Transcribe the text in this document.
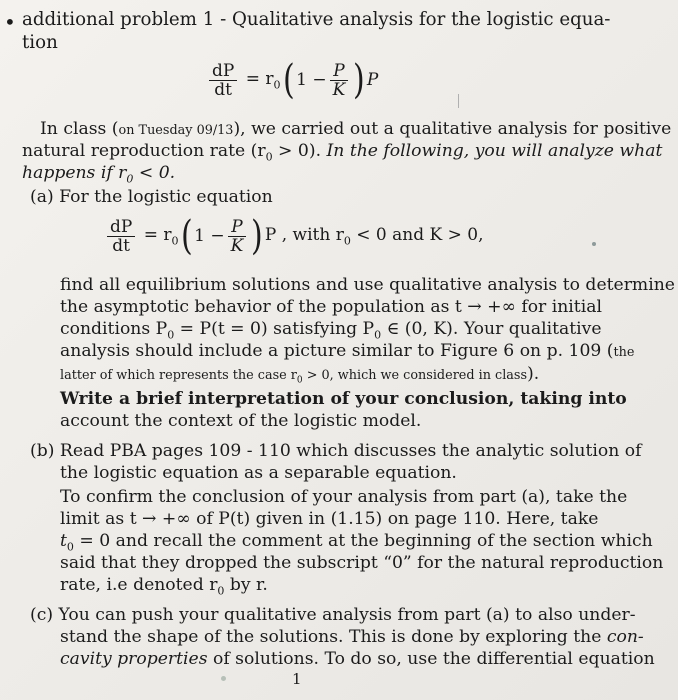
• additional problem 1 - Qualitative analysis for the logistic equa-
tion
$\frac{dP}{dt} = r_0$ ( $1 - \frac{P}{K}$ ) P
In class (on Tuesday 09/13), we carried out a qualitative analysis for positive
natural reproduction rate $(r_0 > 0)$. In the following, you will analyze what
happens if $r_0 < 0$.
(a) For the logistic equation
$\frac{dP}{dt} = r_0$ ( $1 - \frac{P}{K}$ ) P , with $r_0 < 0$ and K > 0,
find all equilibrium solutions and use qualitative analysis to determine
the asymptotic behavior of the population as t → +∞ for initial
conditions $P_0 = P(t = 0)$ satisfying $P_0$ ∈ (0, K). Your qualitative
analysis should include a picture similar to Figure 6 on p. 109 (the
latter of which represents the case $r_0 > 0$, which we considered in class).
Write a brief interpretation of your conclusion, taking into
account the context of the logistic model.
(b) Read PBA pages 109 - 110 which discusses the analytic solution of
the logistic equation as a separable equation.
To confirm the conclusion of your analysis from part (a), take the
limit as t → +∞ of P(t) given in (1.15) on page 110. Here, take
$t_0 = 0$ and recall the comment at the beginning of the section which
said that they dropped the subscript “0” for the natural reproduction
rate, i.e denoted $r_0$ by r.
(c) You can push your qualitative analysis from part (a) to also under-
stand the shape of the solutions. This is done by exploring the con-
cavity properties of solutions. To do so, use the differential equation
1
